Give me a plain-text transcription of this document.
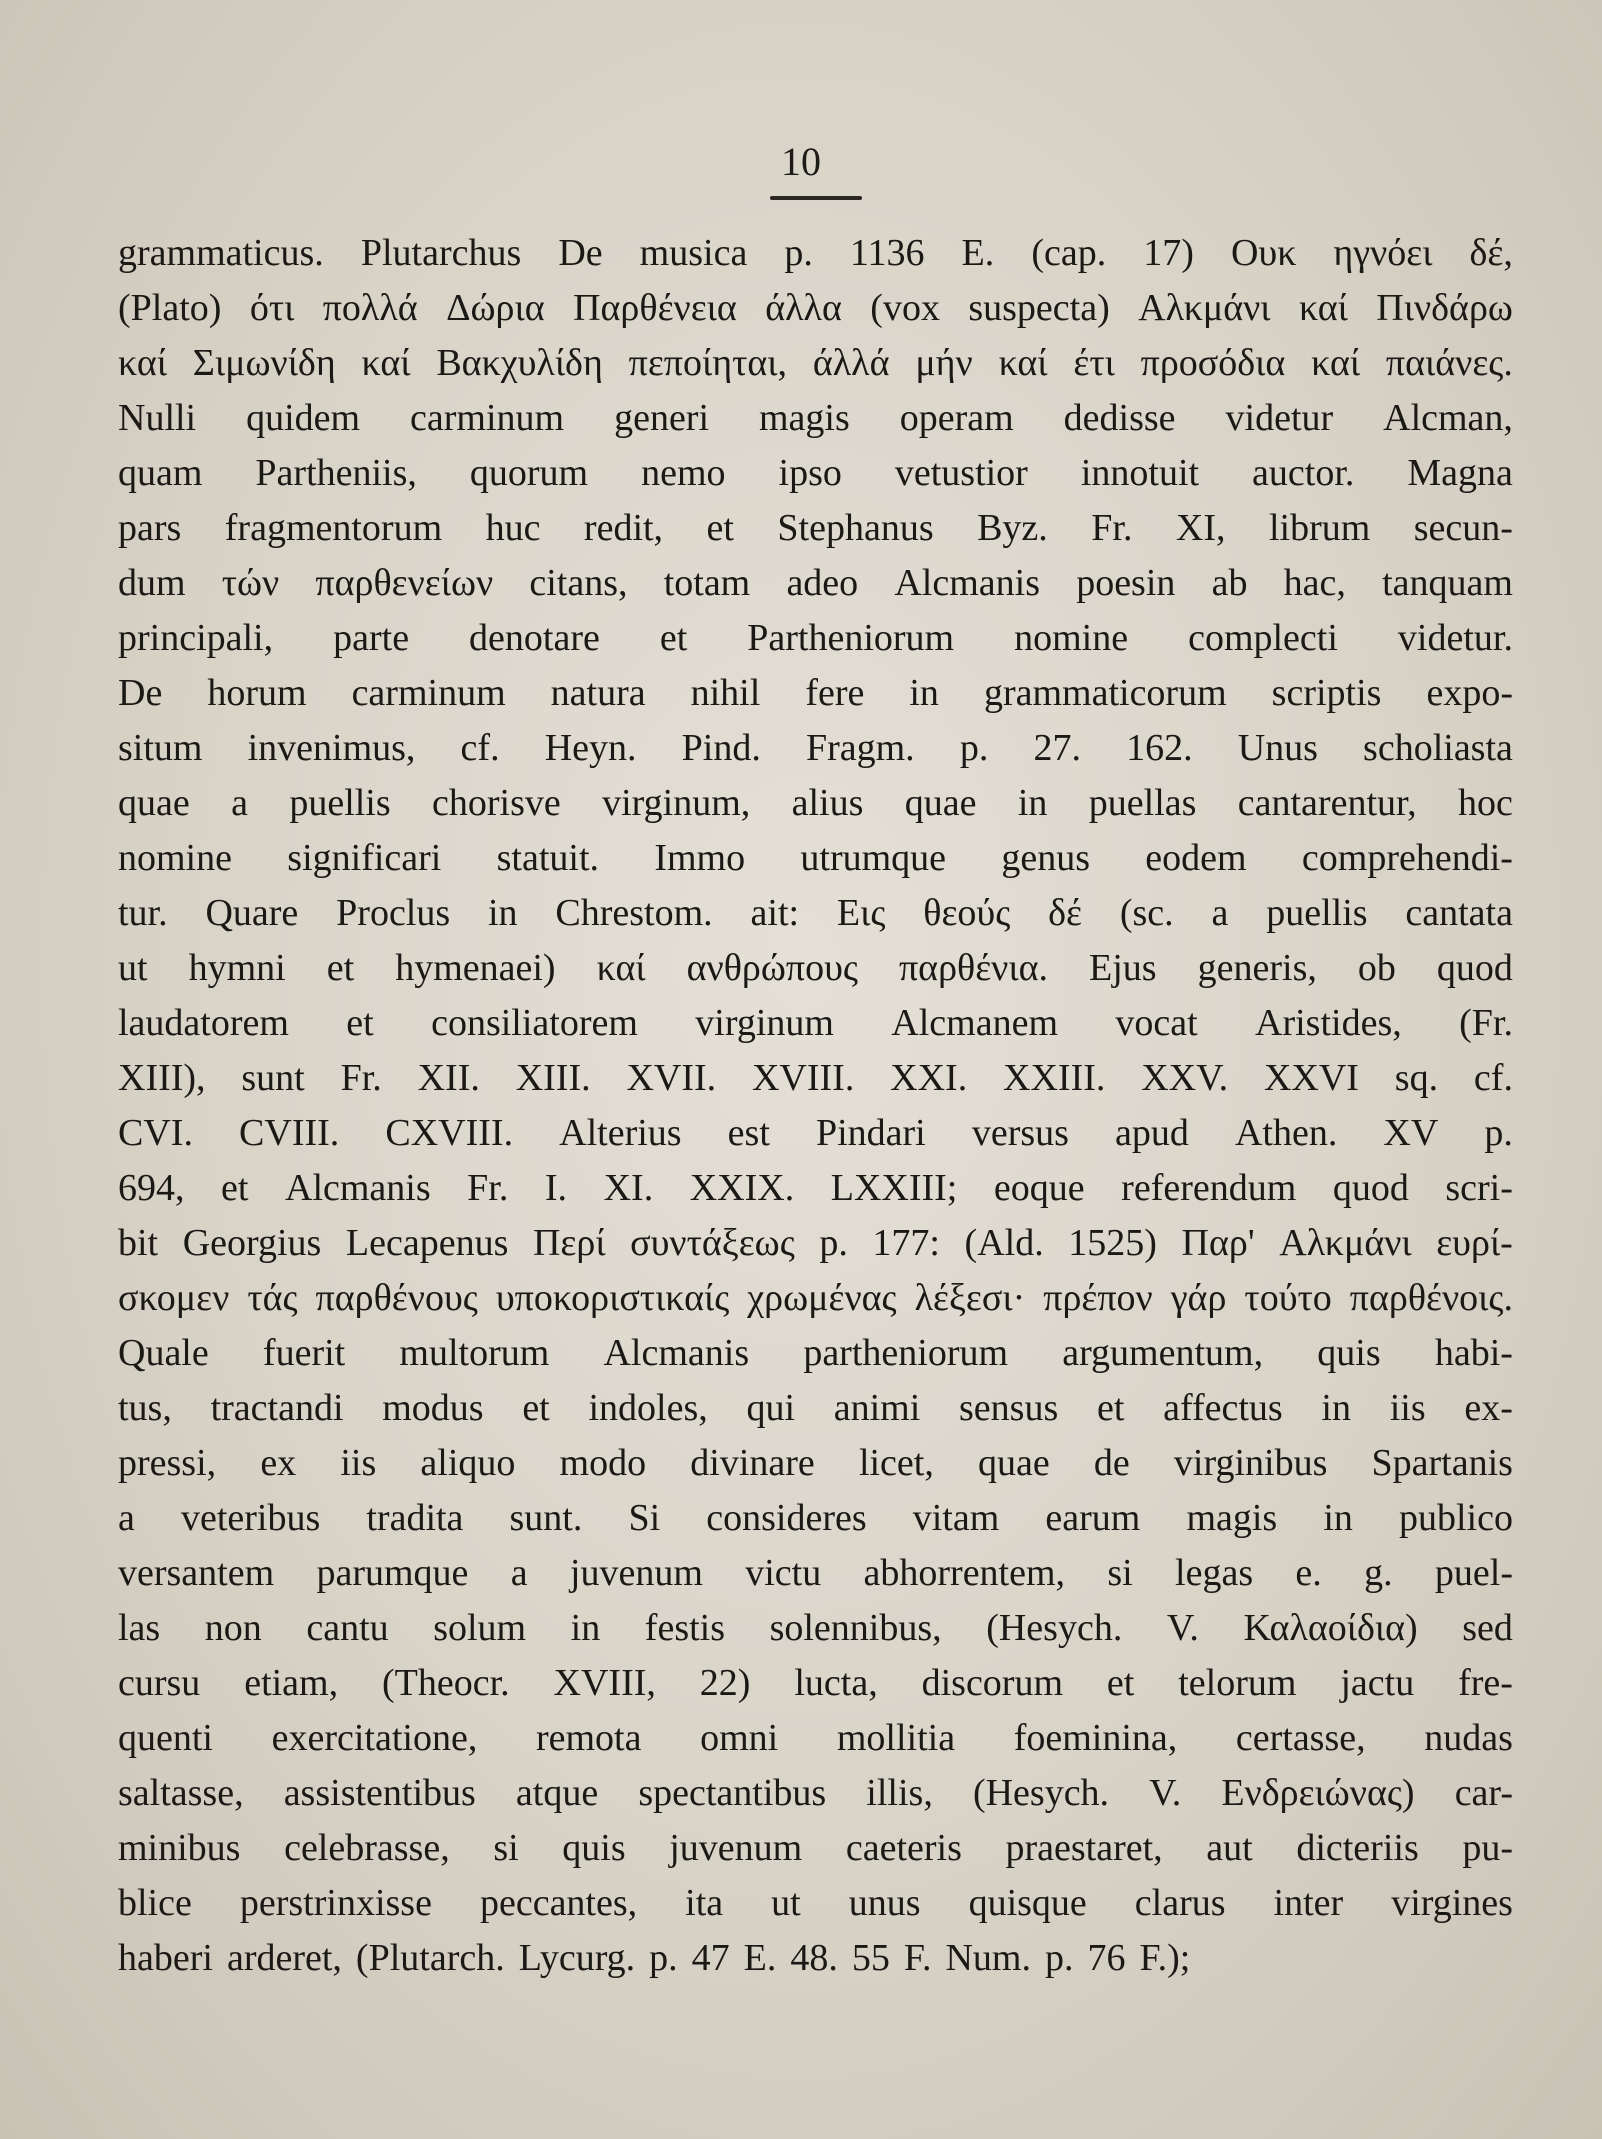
10
grammaticus. Plutarchus De musica p. 1136 E. (cap. 17) Ουκ ηγνόει δέ,
(Plato) ότι πολλά Δώρια Παρθένεια άλλα (vox suspecta) Αλκμάνι καί Πινδάρω
καί Σιμωνίδη καί Βακχυλίδη πεποίηται, άλλά μήν καί έτι προσόδια καί παιάνες.
Nulli quidem carminum generi magis operam dedisse videtur Alcman,
quam Partheniis, quorum nemo ipso vetustior innotuit auctor. Magna
pars fragmentorum huc redit, et Stephanus Byz. Fr. XI, librum secun-
dum τών παρθενείων citans, totam adeo Alcmanis poesin ab hac, tanquam
principali, parte denotare et Partheniorum nomine complecti videtur.
De horum carminum natura nihil fere in grammaticorum scriptis expo-
situm invenimus, cf. Heyn. Pind. Fragm. p. 27. 162. Unus scholiasta
quae a puellis chorisve virginum, alius quae in puellas cantarentur, hoc
nomine significari statuit. Immo utrumque genus eodem comprehendi-
tur. Quare Proclus in Chrestom. ait: Εις θεούς δέ (sc. a puellis cantata
ut hymni et hymenaei) καί ανθρώπους παρθένια. Ejus generis, ob quod
laudatorem et consiliatorem virginum Alcmanem vocat Aristides, (Fr.
XIII), sunt Fr. XII. XIII. XVII. XVIII. XXI. XXIII. XXV. XXVI sq. cf.
CVI. CVIII. CXVIII. Alterius est Pindari versus apud Athen. XV p.
694, et Alcmanis Fr. I. XI. XXIX. LXXIII; eoque referendum quod scri-
bit Georgius Lecapenus Περί συντάξεως p. 177: (Ald. 1525) Παρ' Αλκμάνι ευρί-
σκομεν τάς παρθένους υποκοριστικαίς χρωμένας λέξεσι· πρέπον γάρ τούτο παρθένοις.
Quale fuerit multorum Alcmanis partheniorum argumentum, quis habi-
tus, tractandi modus et indoles, qui animi sensus et affectus in iis ex-
pressi, ex iis aliquo modo divinare licet, quae de virginibus Spartanis
a veteribus tradita sunt. Si consideres vitam earum magis in publico
versantem parumque a juvenum victu abhorrentem, si legas e. g. puel-
las non cantu solum in festis solennibus, (Hesych. V. Καλαοίδια) sed
cursu etiam, (Theocr. XVIII, 22) lucta, discorum et telorum jactu fre-
quenti exercitatione, remota omni mollitia foeminina, certasse, nudas
saltasse, assistentibus atque spectantibus illis, (Hesych. V. Ενδρειώνας) car-
minibus celebrasse, si quis juvenum caeteris praestaret, aut dicteriis pu-
blice perstrinxisse peccantes, ita ut unus quisque clarus inter virgines
haberi arderet, (Plutarch. Lycurg. p. 47 E. 48. 55 F. Num. p. 76 F.);
